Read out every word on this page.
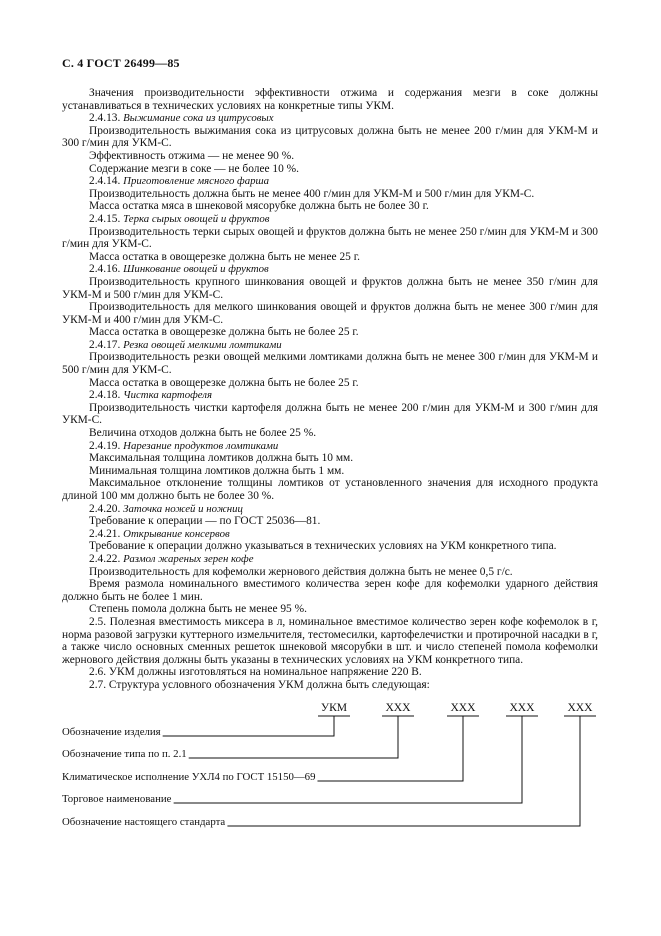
С. 4 ГОСТ 26499—85

Значения производительности эффективности отжима и содержания мезги в соке должны устанавливаться в технических условиях на конкретные типы УКМ.

2.4.13. Выжимание сока из цитрусовых

Производительность выжимания сока из цитрусовых должна быть не менее 200 г/мин для УКМ-М и 300 г/мин для УКМ-С.

Эффективность отжима — не менее 90 %.

Содержание мезги в соке — не более 10 %.

2.4.14. Приготовление мясного фарша

Производительность должна быть не менее 400 г/мин для УКМ-М и 500 г/мин для УКМ-С.

Масса остатка мяса в шнековой мясорубке должна быть не более 30 г.

2.4.15. Терка сырых овощей и фруктов

Производительность терки сырых овощей и фруктов должна быть не менее 250 г/мин для УКМ-М и 300 г/мин для УКМ-С.

Масса остатка в овощерезке должна быть не менее 25 г.

2.4.16. Шинкование овощей и фруктов

Производительность крупного шинкования овощей и фруктов должна быть не менее 350 г/мин для УКМ-М и 500 г/мин для УКМ-С.

Производительность для мелкого шинкования овощей и фруктов должна быть не менее 300 г/мин для УКМ-М и 400 г/мин для УКМ-С.

Масса остатка в овощерезке должна быть не более 25 г.

2.4.17. Резка овощей мелкими ломтиками

Производительность резки овощей мелкими ломтиками должна быть не менее 300 г/мин для УКМ-М и 500 г/мин для УКМ-С.

Масса остатка в овощерезке должна быть не более 25 г.

2.4.18. Чистка картофеля

Производительность чистки картофеля должна быть не менее 200 г/мин для УКМ-М и 300 г/мин для УКМ-С.

Величина отходов должна быть не более 25 %.

2.4.19. Нарезание продуктов ломтиками

Максимальная толщина ломтиков должна быть 10 мм.

Минимальная толщина ломтиков должна быть 1 мм.

Максимальное отклонение толщины ломтиков от установленного значения для исходного продукта длиной 100 мм должно быть не более 30 %.

2.4.20. Заточка ножей и ножниц

Требование к операции — по ГОСТ 25036—81.

2.4.21. Открывание консервов

Требование к операции должно указываться в технических условиях на УКМ конкретного типа.

2.4.22. Размол жареных зерен кофе

Производительность для кофемолки жернового действия должна быть не менее 0,5 г/с.

Время размола номинального вместимого количества зерен кофе для кофемолки ударного действия должно быть не более 1 мин.

Степень помола должна быть не менее 95 %.

2.5. Полезная вместимость миксера в л, номинальное вместимое количество зерен кофе кофемолок в г, норма разовой загрузки куттерного измельчителя, тестомесилки, картофелечистки и протирочной насадки в г, а также число основных сменных решеток шнековой мясорубки в шт. и число степеней помола кофемолки жернового действия должны быть указаны в технических условиях на УКМ конкретного типа.

2.6. УКМ должны изготовляться на номинальное напряжение 220 В.

2.7. Структура условного обозначения УКМ должна быть следующая:

УКМ	ХХХ	ХХХ	ХХХ	ХХХ
Обозначение изделия
Обозначение типа по п. 2.1
Климатическое исполнение УХЛ4 по ГОСТ 15150—69
Торговое наименование
Обозначение настоящего стандарта
